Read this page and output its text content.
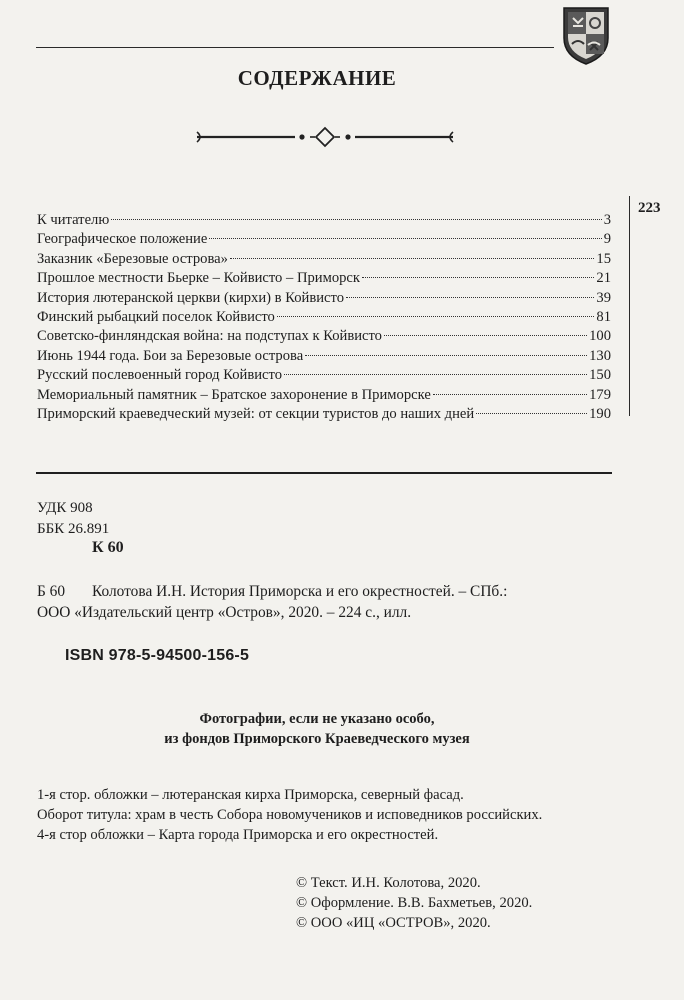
СОДЕРЖАНИЕ
223
К читателю	3
Географическое положение	9
Заказник «Березовые острова»	15
Прошлое местности Бьерке – Койвисто – Приморск	21
История лютеранской церкви (кирхи) в Койвисто	39
Финский рыбацкий поселок Койвисто	81
Советско-финляндская война: на подступах к Койвисто	100
Июнь 1944 года. Бои за Березовые острова	130
Русский послевоенный город Койвисто	150
Мемориальный памятник – Братское захоронение в Приморске	179
Приморский краеведческий музей: от секции туристов до наших дней	190
УДК 908
ББК 26.891
К 60
Б 60 Колотова И.Н. История Приморска и его окрестностей. – СПб.:
ООО «Издательский центр «Остров», 2020. – 224 с., илл.
ISBN 978-5-94500-156-5
Фотографии, если не указано особо,
из фондов Приморского Краеведческого музея
1-я стор. обложки – лютеранская кирха Приморска, северный фасад.
Оборот титула: храм в честь Собора новомучеников и исповедников российских.
4-я стор обложки – Карта города Приморска и его окрестностей.
© Текст. И.Н. Колотова, 2020.
© Оформление. В.В. Бахметьев, 2020.
© ООО «ИЦ «ОСТРОВ», 2020.
